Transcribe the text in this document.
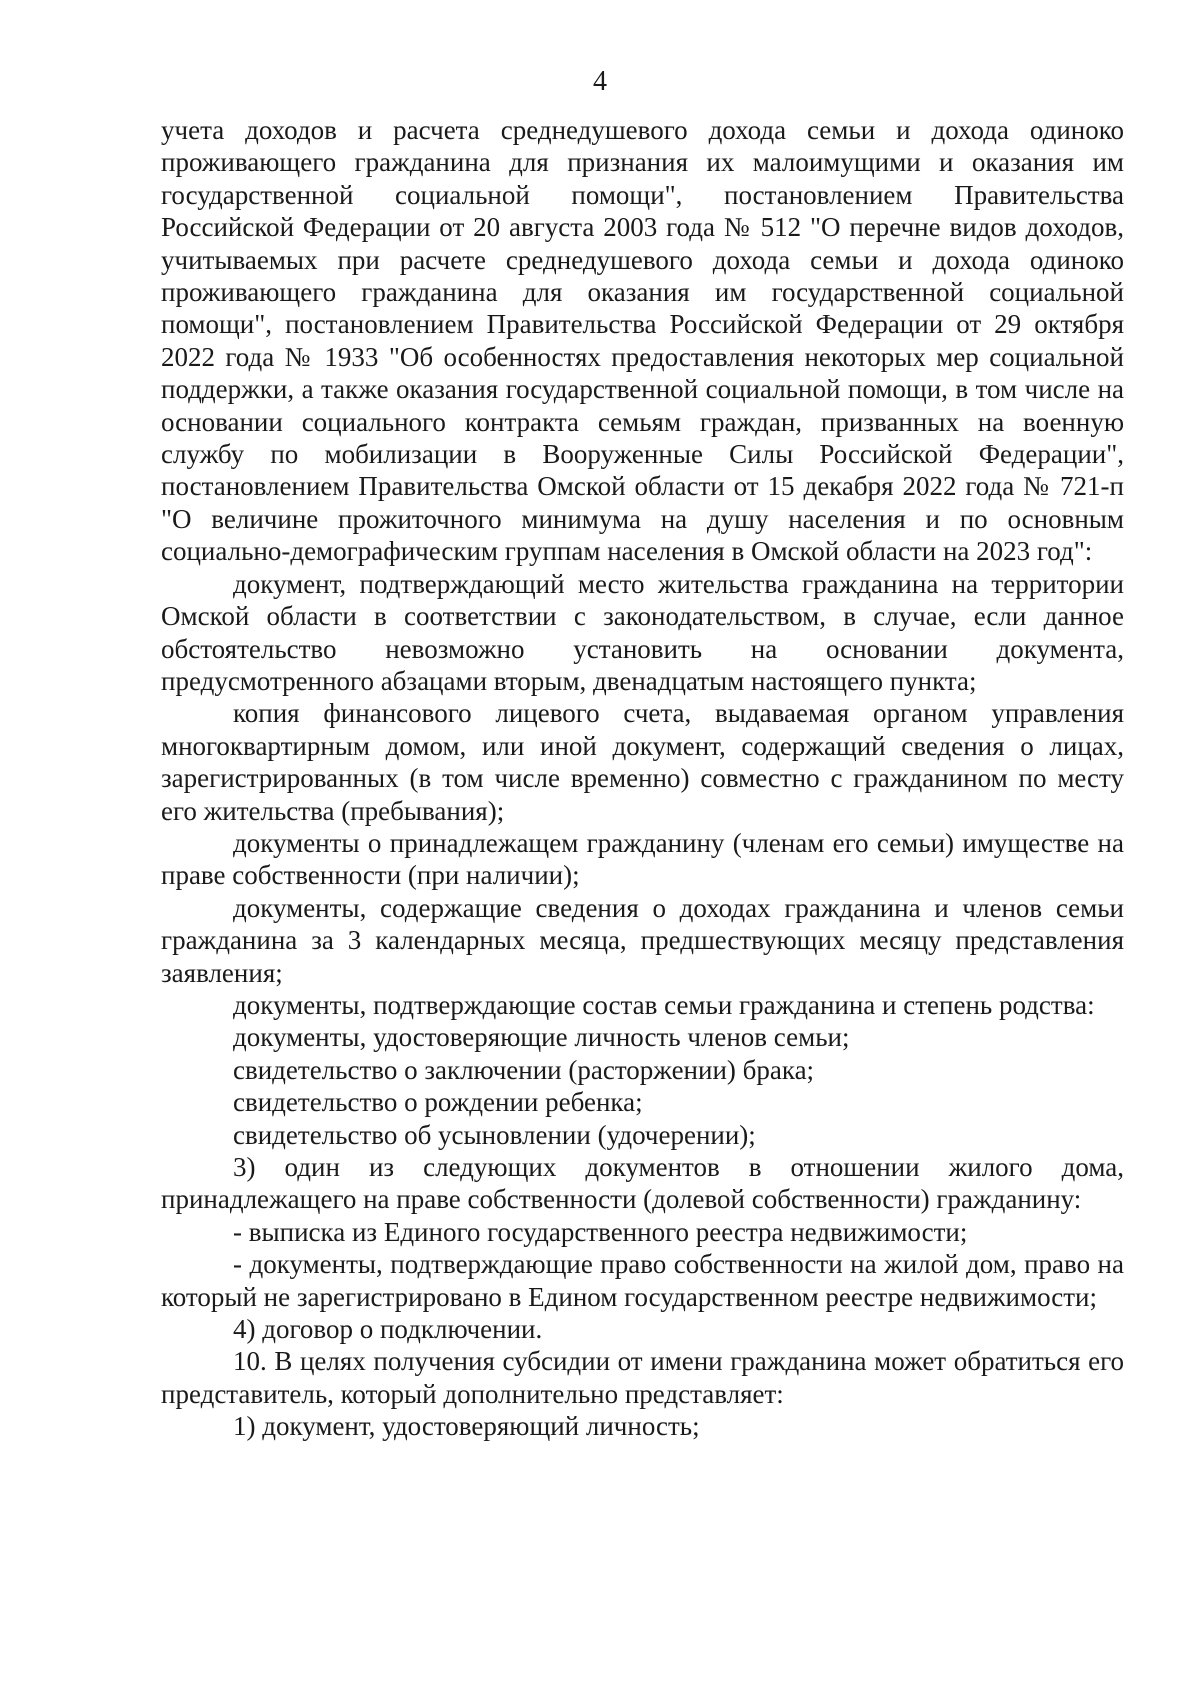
4

учета доходов и расчета среднедушевого дохода семьи и дохода одиноко проживающего гражданина для признания их малоимущими и оказания им государственной социальной помощи", постановлением Правительства Российской Федерации от 20 августа 2003 года № 512 "О перечне видов доходов, учитываемых при расчете среднедушевого дохода семьи и дохода одиноко проживающего гражданина для оказания им государственной социальной помощи", постановлением Правительства Российской Федерации от 29 октября 2022 года № 1933 "Об особенностях предоставления некоторых мер социальной поддержки, а также оказания государственной социальной помощи, в том числе на основании социального контракта семьям граждан, призванных на военную службу по мобилизации в Вооруженные Силы Российской Федерации", постановлением Правительства Омской области от 15 декабря 2022 года № 721-п "О величине прожиточного минимума на душу населения и по основным социально-демографическим группам населения в Омской области на 2023 год":

документ, подтверждающий место жительства гражданина на территории Омской области в соответствии с законодательством, в случае, если данное обстоятельство невозможно установить на основании документа, предусмотренного абзацами вторым, двенадцатым настоящего пункта;

копия финансового лицевого счета, выдаваемая органом управления многоквартирным домом, или иной документ, содержащий сведения о лицах, зарегистрированных (в том числе временно) совместно с гражданином по месту его жительства (пребывания);

документы о принадлежащем гражданину (членам его семьи) имуществе на праве собственности (при наличии);

документы, содержащие сведения о доходах гражданина и членов семьи гражданина за 3 календарных месяца, предшествующих месяцу представления заявления;

документы, подтверждающие состав семьи гражданина и степень родства:

документы, удостоверяющие личность членов семьи;

свидетельство о заключении (расторжении) брака;

свидетельство о рождении ребенка;

свидетельство об усыновлении (удочерении);

3) один из следующих документов в отношении жилого дома, принадлежащего на праве собственности (долевой собственности) гражданину:

- выписка из Единого государственного реестра недвижимости;

- документы, подтверждающие право собственности на жилой дом, право на который не зарегистрировано в Едином государственном реестре недвижимости;

4) договор о подключении.

10. В целях получения субсидии от имени гражданина может обратиться его представитель, который дополнительно представляет:

1) документ, удостоверяющий личность;
